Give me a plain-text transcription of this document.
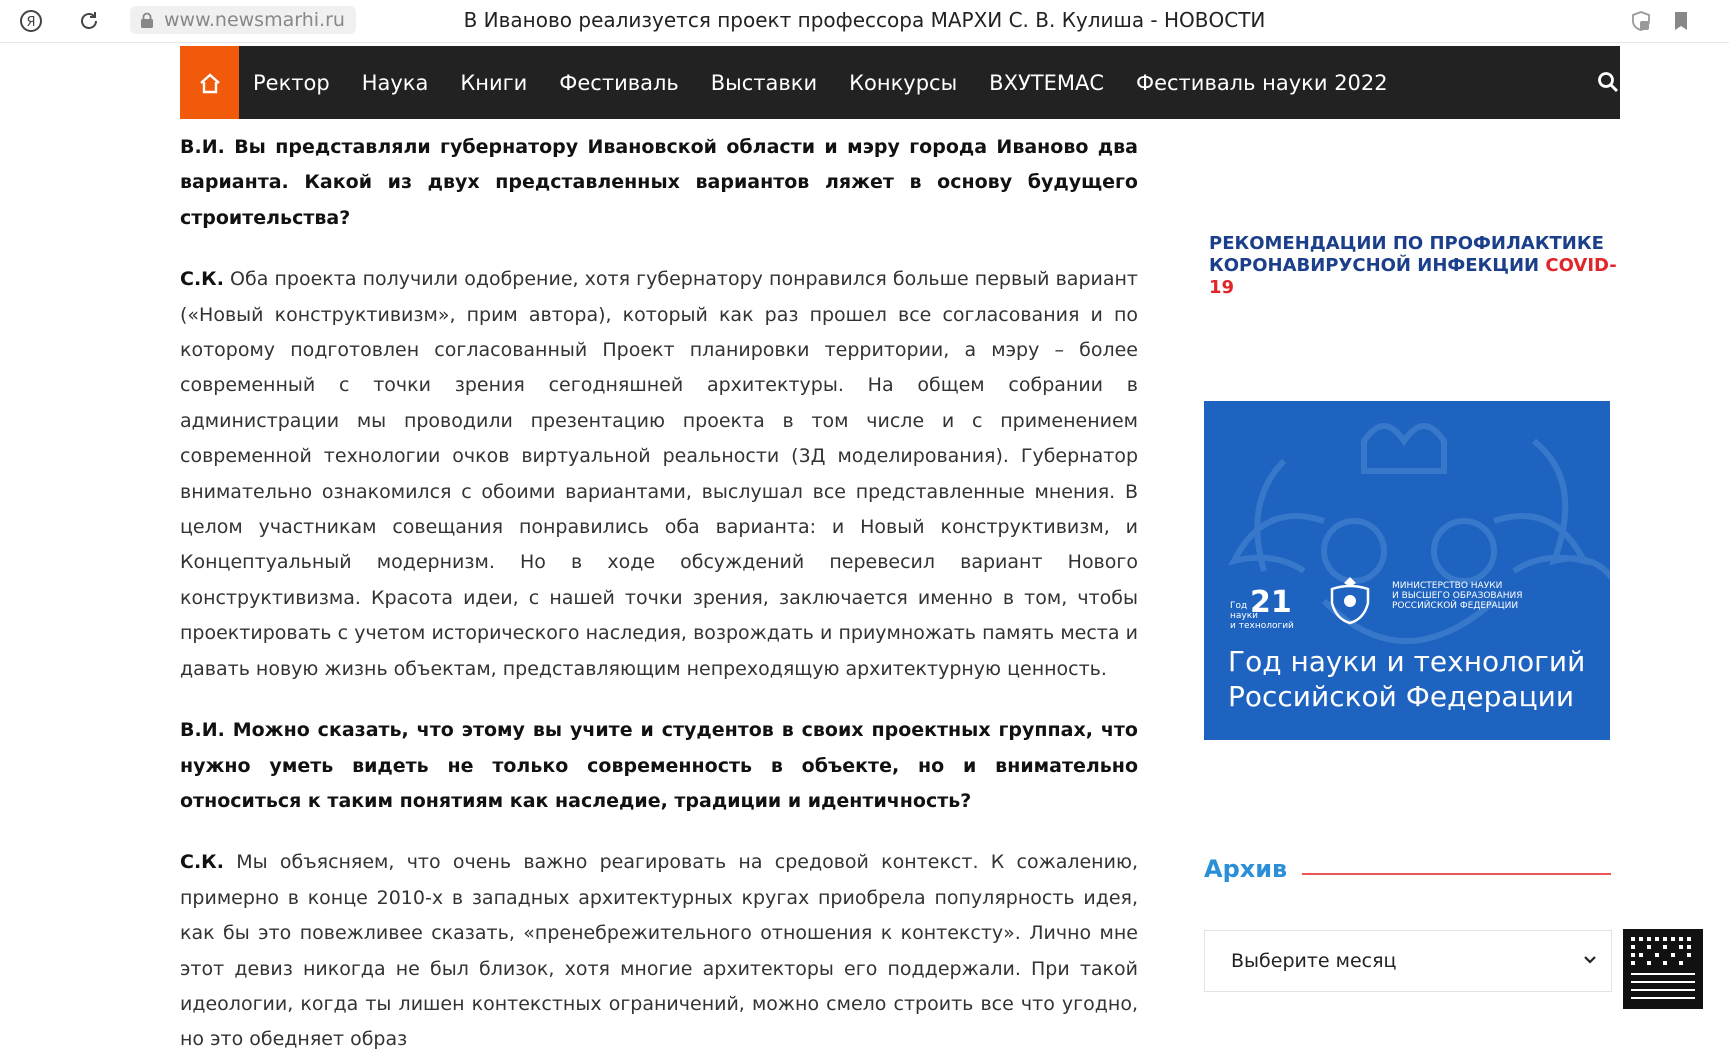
Я	www.newsmarhi.ru	В Иваново реализуется проект профессора МАРХИ С. В. Кулиша - НОВОСТИ
Ректор Наука Книги Фестиваль Выставки Конкурсы ВХУТЕМАС Фестиваль науки 2022

В.И. Вы представляли губернатору Ивановской области и мэру города Иваново два варианта. Какой из двух представленных вариантов ляжет в основу будущего строительства?

С.К. Оба проекта получили одобрение, хотя губернатору понравился больше первый вариант («Новый конструктивизм», прим автора), который как раз прошел все согласования и по которому подготовлен согласованный Проект планировки территории, а мэру – более современный с точки зрения сегодняшней архитектуры. На общем собрании в администрации мы проводили презентацию проекта в том числе и с применением современной технологии очков виртуальной реальности (3Д моделирования). Губернатор внимательно ознакомился с обоими вариантами, выслушал все представленные мнения. В целом участникам совещания понравились оба варианта: и Новый конструктивизм, и Концептуальный модернизм. Но в ходе обсуждений перевесил вариант Нового конструктивизма. Красота идеи, с нашей точки зрения, заключается именно в том, чтобы проектировать с учетом исторического наследия, возрождать и приумножать память места и давать новую жизнь объектам, представляющим непреходящую архитектурную ценность.

В.И. Можно сказать, что этому вы учите и студентов в своих проектных группах, что нужно уметь видеть не только современность в объекте, но и внимательно относиться к таким понятиям как наследие, традиции и идентичность?

С.К. Мы объясняем, что очень важно реагировать на средовой контекст. К сожалению, примерно в конце 2010-х в западных архитектурных кругах приобрела популярность идея, как бы это повежливее сказать, «пренебрежительного отношения к контексту». Лично мне этот девиз никогда не был близок, хотя многие архитекторы его поддержали. При такой идеологии, когда ты лишен контекстных ограничений, можно смело строить все что угодно, но это обедняет образ

РЕКОМЕНДАЦИИ ПО ПРОФИЛАКТИКЕ
КОРОНАВИРУСНОЙ ИНФЕКЦИИ COVID-19
21
Год
науки
и технологий
МИНИСТЕРСТВО НАУКИ
И ВЫСШЕГО ОБРАЗОВАНИЯ
РОССИЙСКОЙ ФЕДЕРАЦИИ
Год науки и технологий
Российской Федерации
Архив
Выберите месяц
